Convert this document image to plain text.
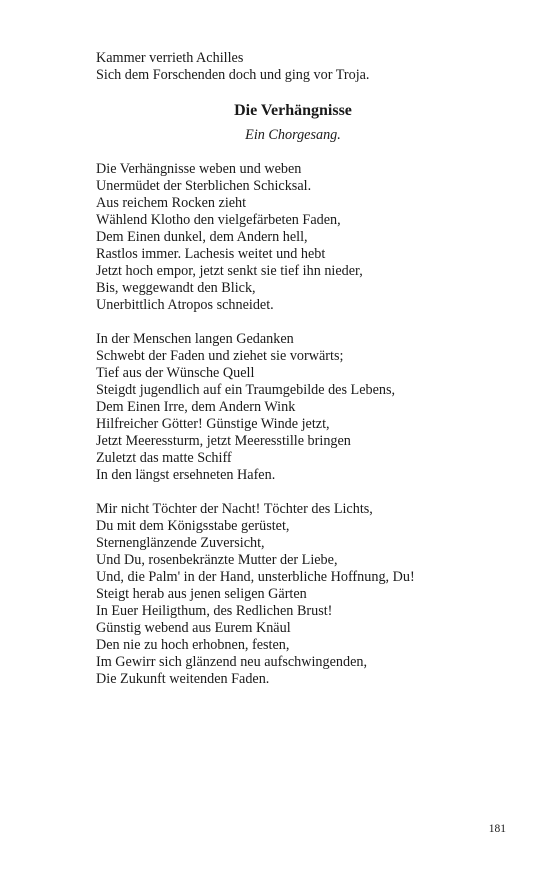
Kammer verrieth Achilles
Sich dem Forschenden doch und ging vor Troja.
Die Verhängnisse
Ein Chorgesang.
Die Verhängnisse weben und weben
Unermüdet der Sterblichen Schicksal.
Aus reichem Rocken zieht
Wählend Klotho den vielgefärbeten Faden,
Dem Einen dunkel, dem Andern hell,
Rastlos immer. Lachesis weitet und hebt
Jetzt hoch empor, jetzt senkt sie tief ihn nieder,
Bis, weggewandt den Blick,
Unerbittlich Atropos schneidet.
In der Menschen langen Gedanken
Schwebt der Faden und ziehet sie vorwärts;
Tief aus der Wünsche Quell
Steigdt jugendlich auf ein Traumgebilde des Lebens,
Dem Einen Irre, dem Andern Wink
Hilfreicher Götter! Günstige Winde jetzt,
Jetzt Meeressturm, jetzt Meeresstille bringen
Zuletzt das matte Schiff
In den längst ersehneten Hafen.
Mir nicht Töchter der Nacht! Töchter des Lichts,
Du mit dem Königsstabe gerüstet,
Sternenglänzende Zuversicht,
Und Du, rosenbekränzte Mutter der Liebe,
Und, die Palm' in der Hand, unsterbliche Hoffnung, Du!
Steigt herab aus jenen seligen Gärten
In Euer Heiligthum, des Redlichen Brust!
Günstig webend aus Eurem Knäul
Den nie zu hoch erhobnen, festen,
Im Gewirr sich glänzend neu aufschwingenden,
Die Zukunft weitenden Faden.
181
